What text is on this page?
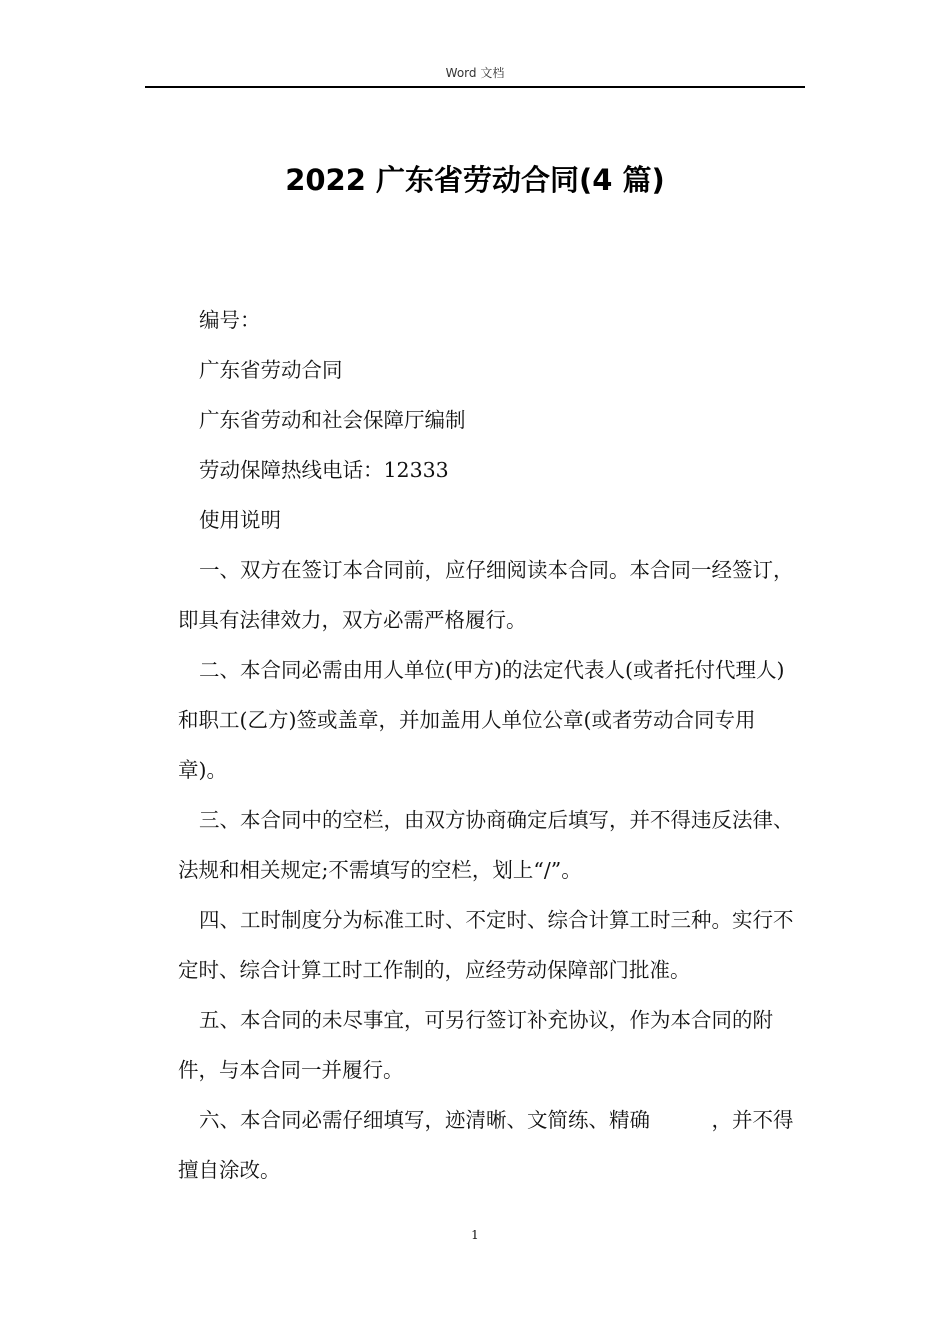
Word 文档
2022 广东省劳动合同(4 篇)

编号：

广东省劳动合同

广东省劳动和社会保障厅编制

劳动保障热线电话：12333

使用说明

一、双方在签订本合同前，应仔细阅读本合同。本合同一经签订，即具有法律效力，双方必需严格履行。

二、本合同必需由用人单位(甲方)的法定代表人(或者托付代理人)和职工(乙方)签或盖章，并加盖用人单位公章(或者劳动合同专用章)。

三、本合同中的空栏，由双方协商确定后填写，并不得违反法律、法规和相关规定;不需填写的空栏，划上“/”。

四、工时制度分为标准工时、不定时、综合计算工时三种。实行不定时、综合计算工时工作制的，应经劳动保障部门批准。

五、本合同的未尽事宜，可另行签订补充协议，作为本合同的附件，与本合同一并履行。

六、本合同必需仔细填写，迹清晰、文简练、精确　　　，并不得擅自涂改。

1
